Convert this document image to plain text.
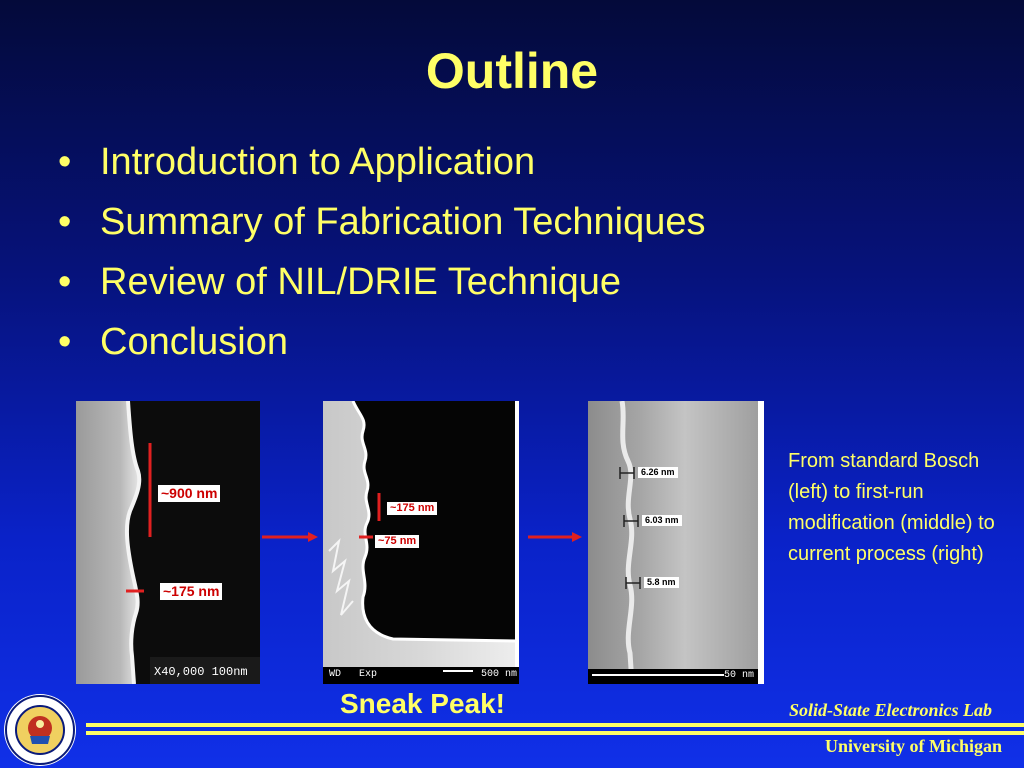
Outline
• Introduction to Application
• Summary of Fabrication Techniques
• Review of NIL/DRIE Technique
• Conclusion
~900 nm
~175 nm
X40,000 100nm
~175 nm
~75 nm
WD   Exp	500 nm
6.26 nm
6.03 nm
5.8 nm
50 nm
From standard Bosch (left) to first-run modification (middle) to current process (right)
Sneak Peak!	Solid-State Electronics Lab
University of Michigan
